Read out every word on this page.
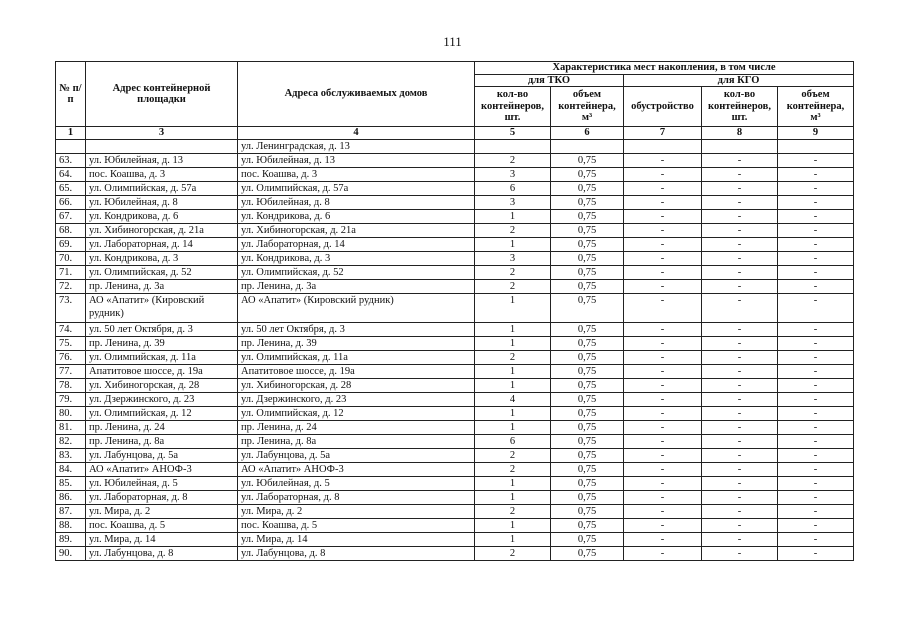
111
№ п/п	Адрес контейнерной площадки	Адреса обслуживаемых домов	Характеристика мест накопления, в том числе				
			для ТКО		для КГО		
			кол-во контейнеров, шт.	объем контейнера, м³	обустройство	кол-во контейнеров, шт.	объем контейнера, м³
1	3	4	5	6	7	8	9
		ул. Ленинградская, д. 13					
63.	ул. Юбилейная, д. 13	ул. Юбилейная, д. 13	2	0,75	-	-	-
64.	пос. Коашва, д. 3	пос. Коашва, д. 3	3	0,75	-	-	-
65.	ул. Олимпийская, д. 57а	ул. Олимпийская, д. 57а	6	0,75	-	-	-
66.	ул. Юбилейная, д. 8	ул. Юбилейная, д. 8	3	0,75	-	-	-
67.	ул. Кондрикова, д. 6	ул. Кондрикова, д. 6	1	0,75	-	-	-
68.	ул. Хибиногорская, д. 21а	ул. Хибиногорская, д. 21а	2	0,75	-	-	-
69.	ул. Лабораторная, д. 14	ул. Лабораторная, д. 14	1	0,75	-	-	-
70.	ул. Кондрикова, д. 3	ул. Кондрикова, д. 3	3	0,75	-	-	-
71.	ул. Олимпийская, д. 52	ул. Олимпийская, д. 52	2	0,75	-	-	-
72.	пр. Ленина, д. 3а	пр. Ленина, д. 3а	2	0,75	-	-	-
73.	АО «Апатит» (Кировский рудник)	АО «Апатит» (Кировский рудник)	1	0,75	-	-	-
74.	ул. 50 лет Октября, д. 3	ул. 50 лет Октября, д. 3	1	0,75	-	-	-
75.	пр. Ленина, д. 39	пр. Ленина, д. 39	1	0,75	-	-	-
76.	ул. Олимпийская, д. 11а	ул. Олимпийская, д. 11а	2	0,75	-	-	-
77.	Апатитовое шоссе, д. 19а	Апатитовое шоссе, д. 19а	1	0,75	-	-	-
78.	ул. Хибиногорская, д. 28	ул. Хибиногорская, д. 28	1	0,75	-	-	-
79.	ул. Дзержинского, д. 23	ул. Дзержинского, д. 23	4	0,75	-	-	-
80.	ул. Олимпийская, д. 12	ул. Олимпийская, д. 12	1	0,75	-	-	-
81.	пр. Ленина, д. 24	пр. Ленина, д. 24	1	0,75	-	-	-
82.	пр. Ленина, д. 8а	пр. Ленина, д. 8а	6	0,75	-	-	-
83.	ул. Лабунцова, д. 5а	ул. Лабунцова, д. 5а	2	0,75	-	-	-
84.	АО «Апатит» АНОФ-3	АО «Апатит» АНОФ-3	2	0,75	-	-	-
85.	ул. Юбилейная, д. 5	ул. Юбилейная, д. 5	1	0,75	-	-	-
86.	ул. Лабораторная, д. 8	ул. Лабораторная, д. 8	1	0,75	-	-	-
87.	ул. Мира, д. 2	ул. Мира, д. 2	2	0,75	-	-	-
88.	пос. Коашва, д. 5	пос. Коашва, д. 5	1	0,75	-	-	-
89.	ул. Мира, д. 14	ул. Мира, д. 14	1	0,75	-	-	-
90.	ул. Лабунцова, д. 8	ул. Лабунцова, д. 8	2	0,75	-	-	-
